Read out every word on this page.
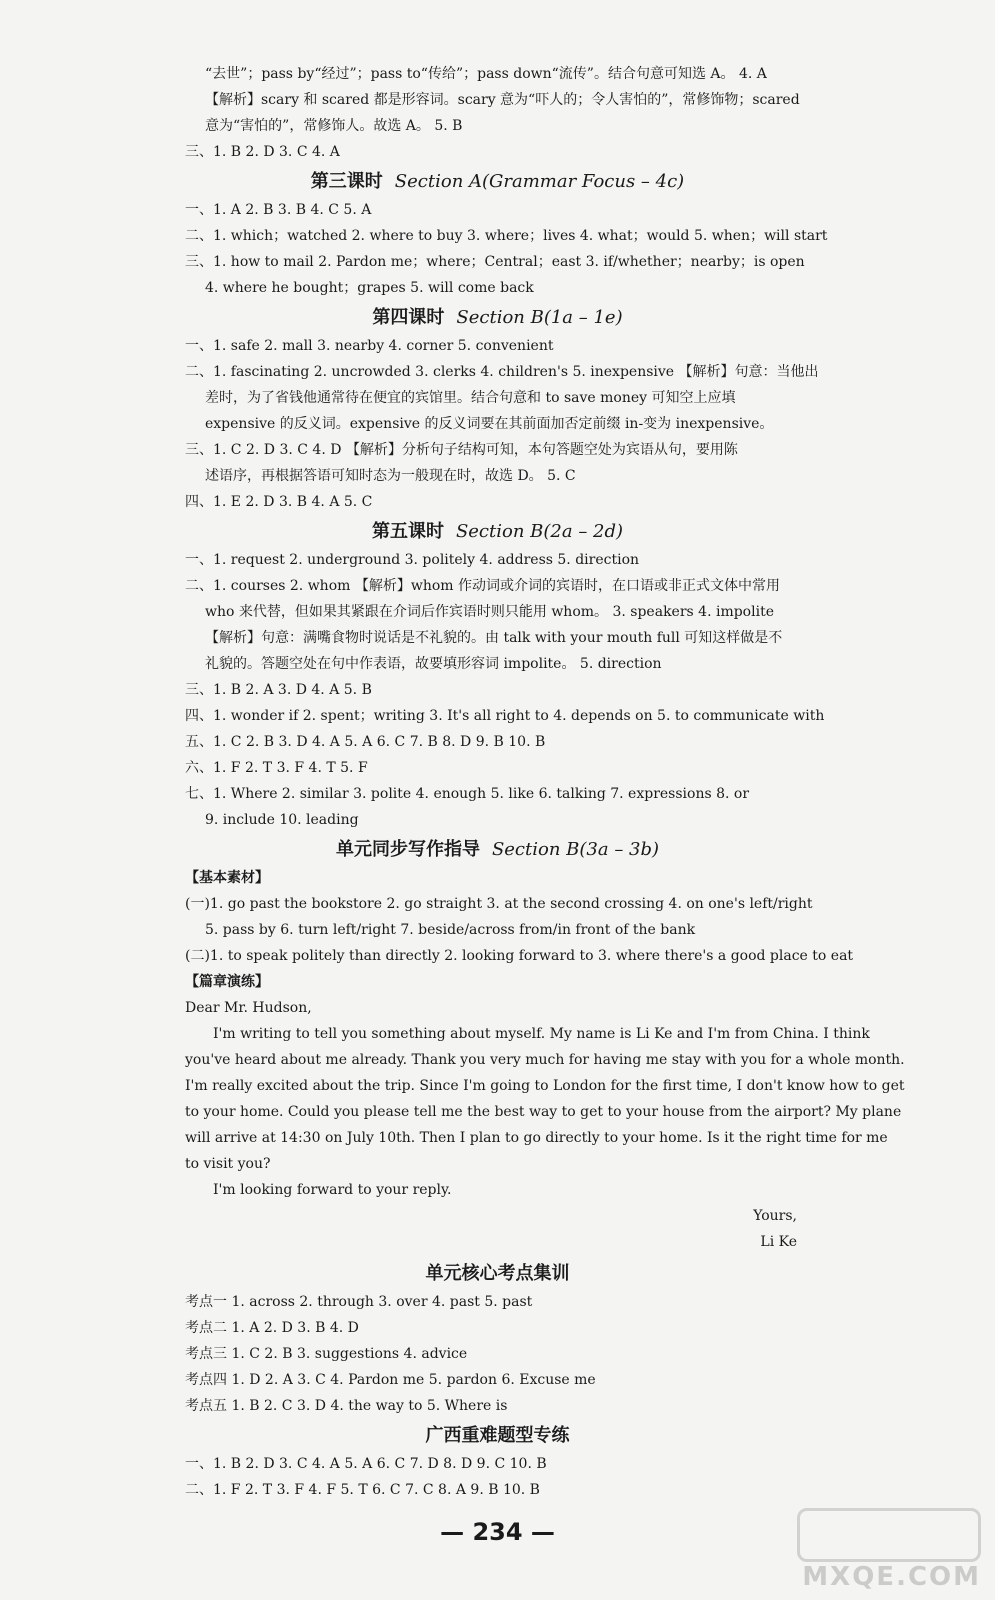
“去世”；pass by“经过”；pass to“传给”；pass down“流传”。结合句意可知选 A。 4. A
【解析】scary 和 scared 都是形容词。scary 意为“吓人的；令人害怕的”，常修饰物；scared
意为“害怕的”，常修饰人。故选 A。 5. B
三、1. B 2. D 3. C 4. A
第三课时 Section A(Grammar Focus – 4c)
一、1. A 2. B 3. B 4. C 5. A
二、1. which；watched 2. where to buy 3. where；lives 4. what；would 5. when；will start
三、1. how to mail 2. Pardon me；where；Central；east 3. if/whether；nearby；is open
4. where he bought；grapes 5. will come back
第四课时 Section B(1a – 1e)
一、1. safe 2. mall 3. nearby 4. corner 5. convenient
二、1. fascinating 2. uncrowded 3. clerks 4. children's 5. inexpensive 【解析】句意：当他出
差时，为了省钱他通常待在便宜的宾馆里。结合句意和 to save money 可知空上应填
expensive 的反义词。expensive 的反义词要在其前面加否定前缀 in-变为 inexpensive。
三、1. C 2. D 3. C 4. D 【解析】分析句子结构可知，本句答题空处为宾语从句，要用陈
述语序，再根据答语可知时态为一般现在时，故选 D。 5. C
四、1. E 2. D 3. B 4. A 5. C
第五课时 Section B(2a – 2d)
一、1. request 2. underground 3. politely 4. address 5. direction
二、1. courses 2. whom 【解析】whom 作动词或介词的宾语时，在口语或非正式文体中常用
who 来代替，但如果其紧跟在介词后作宾语时则只能用 whom。 3. speakers 4. impolite
【解析】句意：满嘴食物时说话是不礼貌的。由 talk with your mouth full 可知这样做是不
礼貌的。答题空处在句中作表语，故要填形容词 impolite。 5. direction
三、1. B 2. A 3. D 4. A 5. B
四、1. wonder if 2. spent；writing 3. It's all right to 4. depends on 5. to communicate with
五、1. C 2. B 3. D 4. A 5. A 6. C 7. B 8. D 9. B 10. B
六、1. F 2. T 3. F 4. T 5. F
七、1. Where 2. similar 3. polite 4. enough 5. like 6. talking 7. expressions 8. or
9. include 10. leading
单元同步写作指导 Section B(3a – 3b)
【基本素材】
(一)1. go past the bookstore 2. go straight 3. at the second crossing 4. on one's left/right
5. pass by 6. turn left/right 7. beside/across from/in front of the bank
(二)1. to speak politely than directly 2. looking forward to 3. where there's a good place to eat
【篇章演练】
Dear Mr. Hudson,
I'm writing to tell you something about myself. My name is Li Ke and I'm from China. I think
you've heard about me already. Thank you very much for having me stay with you for a whole month.
I'm really excited about the trip. Since I'm going to London for the first time, I don't know how to get
to your home. Could you please tell me the best way to get to your house from the airport? My plane
will arrive at 14:30 on July 10th. Then I plan to go directly to your home. Is it the right time for me
to visit you?
I'm looking forward to your reply.
Yours,
Li Ke
单元核心考点集训
考点一 1. across 2. through 3. over 4. past 5. past
考点二 1. A 2. D 3. B 4. D
考点三 1. C 2. B 3. suggestions 4. advice
考点四 1. D 2. A 3. C 4. Pardon me 5. pardon 6. Excuse me
考点五 1. B 2. C 3. D 4. the way to 5. Where is
广西重难题型专练
一、1. B 2. D 3. C 4. A 5. A 6. C 7. D 8. D 9. C 10. B
二、1. F 2. T 3. F 4. F 5. T 6. C 7. C 8. A 9. B 10. B
— 234 —
MXQE.COM
